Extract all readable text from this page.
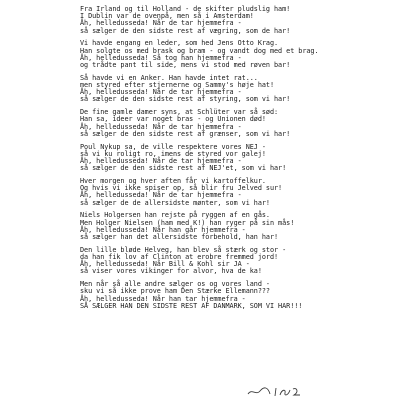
Fra Irland og til Holland - de skifter pludslig ham!
I Dublin var de ovenpå, men så i Amsterdam!
Åh, helledusseda! Når de tar hjemmefra -
så sælger de den sidste rest af vægring, som de har!
Vi havde engang en leder, som hed Jens Otto Krag.
Han solgte os med brask og bram - og vandt dog med et brag.
Åh, helledusseda! Så tog han hjemmefra -
og trådte pant til side, mens vi stod med røven bar!
Så havde vi en Anker. Han havde intet rat...
men styred efter stjernerne og Sammy's høje hat!
Åh, helledusseda! Når de tar hjemmefra -
så sælger de den sidste rest af styring, som vi har!
De fine gamle damer syns, at Schlüter var så sød:
Han sa, ideer var noget bras - og Unionen død!
Åh, helledusseda! Når de tar hjemmefra -
så sælger de den sidste rest af grænser, som vi har!
Poul Nykup sa, de ville respektere vores NEJ -
så vi ku roligt ro, imens de styred vor galej!
Åh, helledusseda! Når de tar hjemmefra -
så sælger de den sidste rest af NEJ'et, som vi har!
Hver morgen og hver aften får vi kartoffelkur.
Og hvis vi ikke spiser op, så blir fru Jelved sur!
Åh, helledusseda! Når de tar hjemmefra -
så sælger de de allersidste mønter, som vi har!
Niels Holgersen han rejste på ryggen af en gås.
Men Holger Nielsen (ham med K!) han ryger på sin mås!
Åh, helledusseda! Når han går hjemmefra -
så sælger han det allersidste forbehold, han har!
Den lille bløde Helveg, han blev så stærk og stor -
da han fik lov af Clinton at erobre fremmed jord!
Åh, helledusseda! Når Bill & Kohl sir JA -
så viser vores vikinger for alvor, hva de ka!
Men når så alle andre sælger os og vores land -
sku vi så ikke prove ham Den Stærke Ellemann???
Åh, helledusseda! Når han tar hjemmefra -
SÅ SÆLGER HAN DEN SIDSTE REST AF DANMARK, SOM VI HAR!!!
